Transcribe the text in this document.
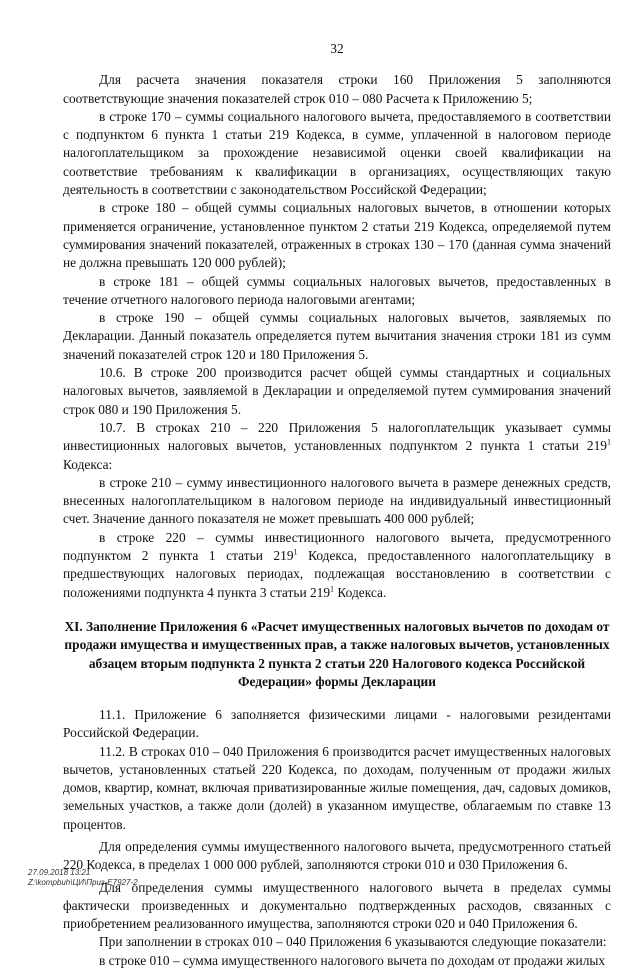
32

Для расчета значения показателя строки 160 Приложения 5 заполняются соответствующие значения показателей строк 010 – 080 Расчета к Приложению 5;

в строке 170 – суммы социального налогового вычета, предоставляемого в соответствии с подпунктом 6 пункта 1 статьи 219 Кодекса, в сумме, уплаченной в налоговом периоде налогоплательщиком за прохождение независимой оценки своей квалификации на соответствие требованиям к квалификации в организациях, осуществляющих такую деятельность в соответствии с законодательством Российской Федерации;

в строке 180 – общей суммы социальных налоговых вычетов, в отношении которых применяется ограничение, установленное пунктом 2 статьи 219 Кодекса, определяемой путем суммирования значений показателей, отраженных в строках 130 – 170 (данная сумма значений не должна превышать 120 000 рублей);

в строке 181 – общей суммы социальных налоговых вычетов, предоставленных в течение отчетного налогового периода налоговыми агентами;

в строке 190 – общей суммы социальных налоговых вычетов, заявляемых по Декларации. Данный показатель определяется путем вычитания значения строки 181 из сумм значений показателей строк 120 и 180 Приложения 5.

10.6. В строке 200 производится расчет общей суммы стандартных и социальных налоговых вычетов, заявляемой в Декларации и определяемой путем суммирования значений строк 080 и 190 Приложения 5.

10.7. В строках 210 – 220 Приложения 5 налогоплательщик указывает суммы инвестиционных налоговых вычетов, установленных подпунктом 2 пункта 1 статьи $219^1$ Кодекса:

в строке 210 – сумму инвестиционного налогового вычета в размере денежных средств, внесенных налогоплательщиком в налоговом периоде на индивидуальный инвестиционный счет. Значение данного показателя не может превышать 400 000 рублей;

в строке 220 – суммы инвестиционного налогового вычета, предусмотренного подпунктом 2 пункта 1 статьи $219^1$ Кодекса, предоставленного налогоплательщику в предшествующих налоговых периодах, подлежащая восстановлению в соответствии с положениями подпункта 4 пункта 3 статьи $219^1$ Кодекса.

XI. Заполнение Приложения 6 «Расчет имущественных налоговых вычетов по доходам от продажи имущества и имущественных прав, а также налоговых вычетов, установленных абзацем вторым подпункта 2 пункта 2 статьи 220 Налогового кодекса Российской Федерации» формы Декларации

11.1. Приложение 6 заполняется физическими лицами - налоговыми резидентами Российской Федерации.

11.2. В строках 010 – 040 Приложения 6 производится расчет имущественных налоговых вычетов, установленных статьей 220 Кодекса, по доходам, полученным от продажи жилых домов, квартир, комнат, включая приватизированные жилые помещения, дач, садовых домиков, земельных участков, а также доли (долей) в указанном имуществе, облагаемым по ставке 13 процентов.

Для определения суммы имущественного налогового вычета, предусмотренного статьей 220 Кодекса, в пределах 1 000 000 рублей, заполняются строки 010 и 030 Приложения 6.

Для определения суммы имущественного налогового вычета в пределах суммы фактически произведенных и документально подтвержденных расходов, связанных с приобретением реализованного имущества, заполняются строки 020 и 040 Приложения 6.

При заполнении в строках 010 – 040 Приложения 6 указываются следующие показатели:

в строке 010 – сумма имущественного налогового вычета по доходам от продажи жилых

27.09.2018 13:21
Z:\kompbuh\ЦИ\Приз-E7927-2
